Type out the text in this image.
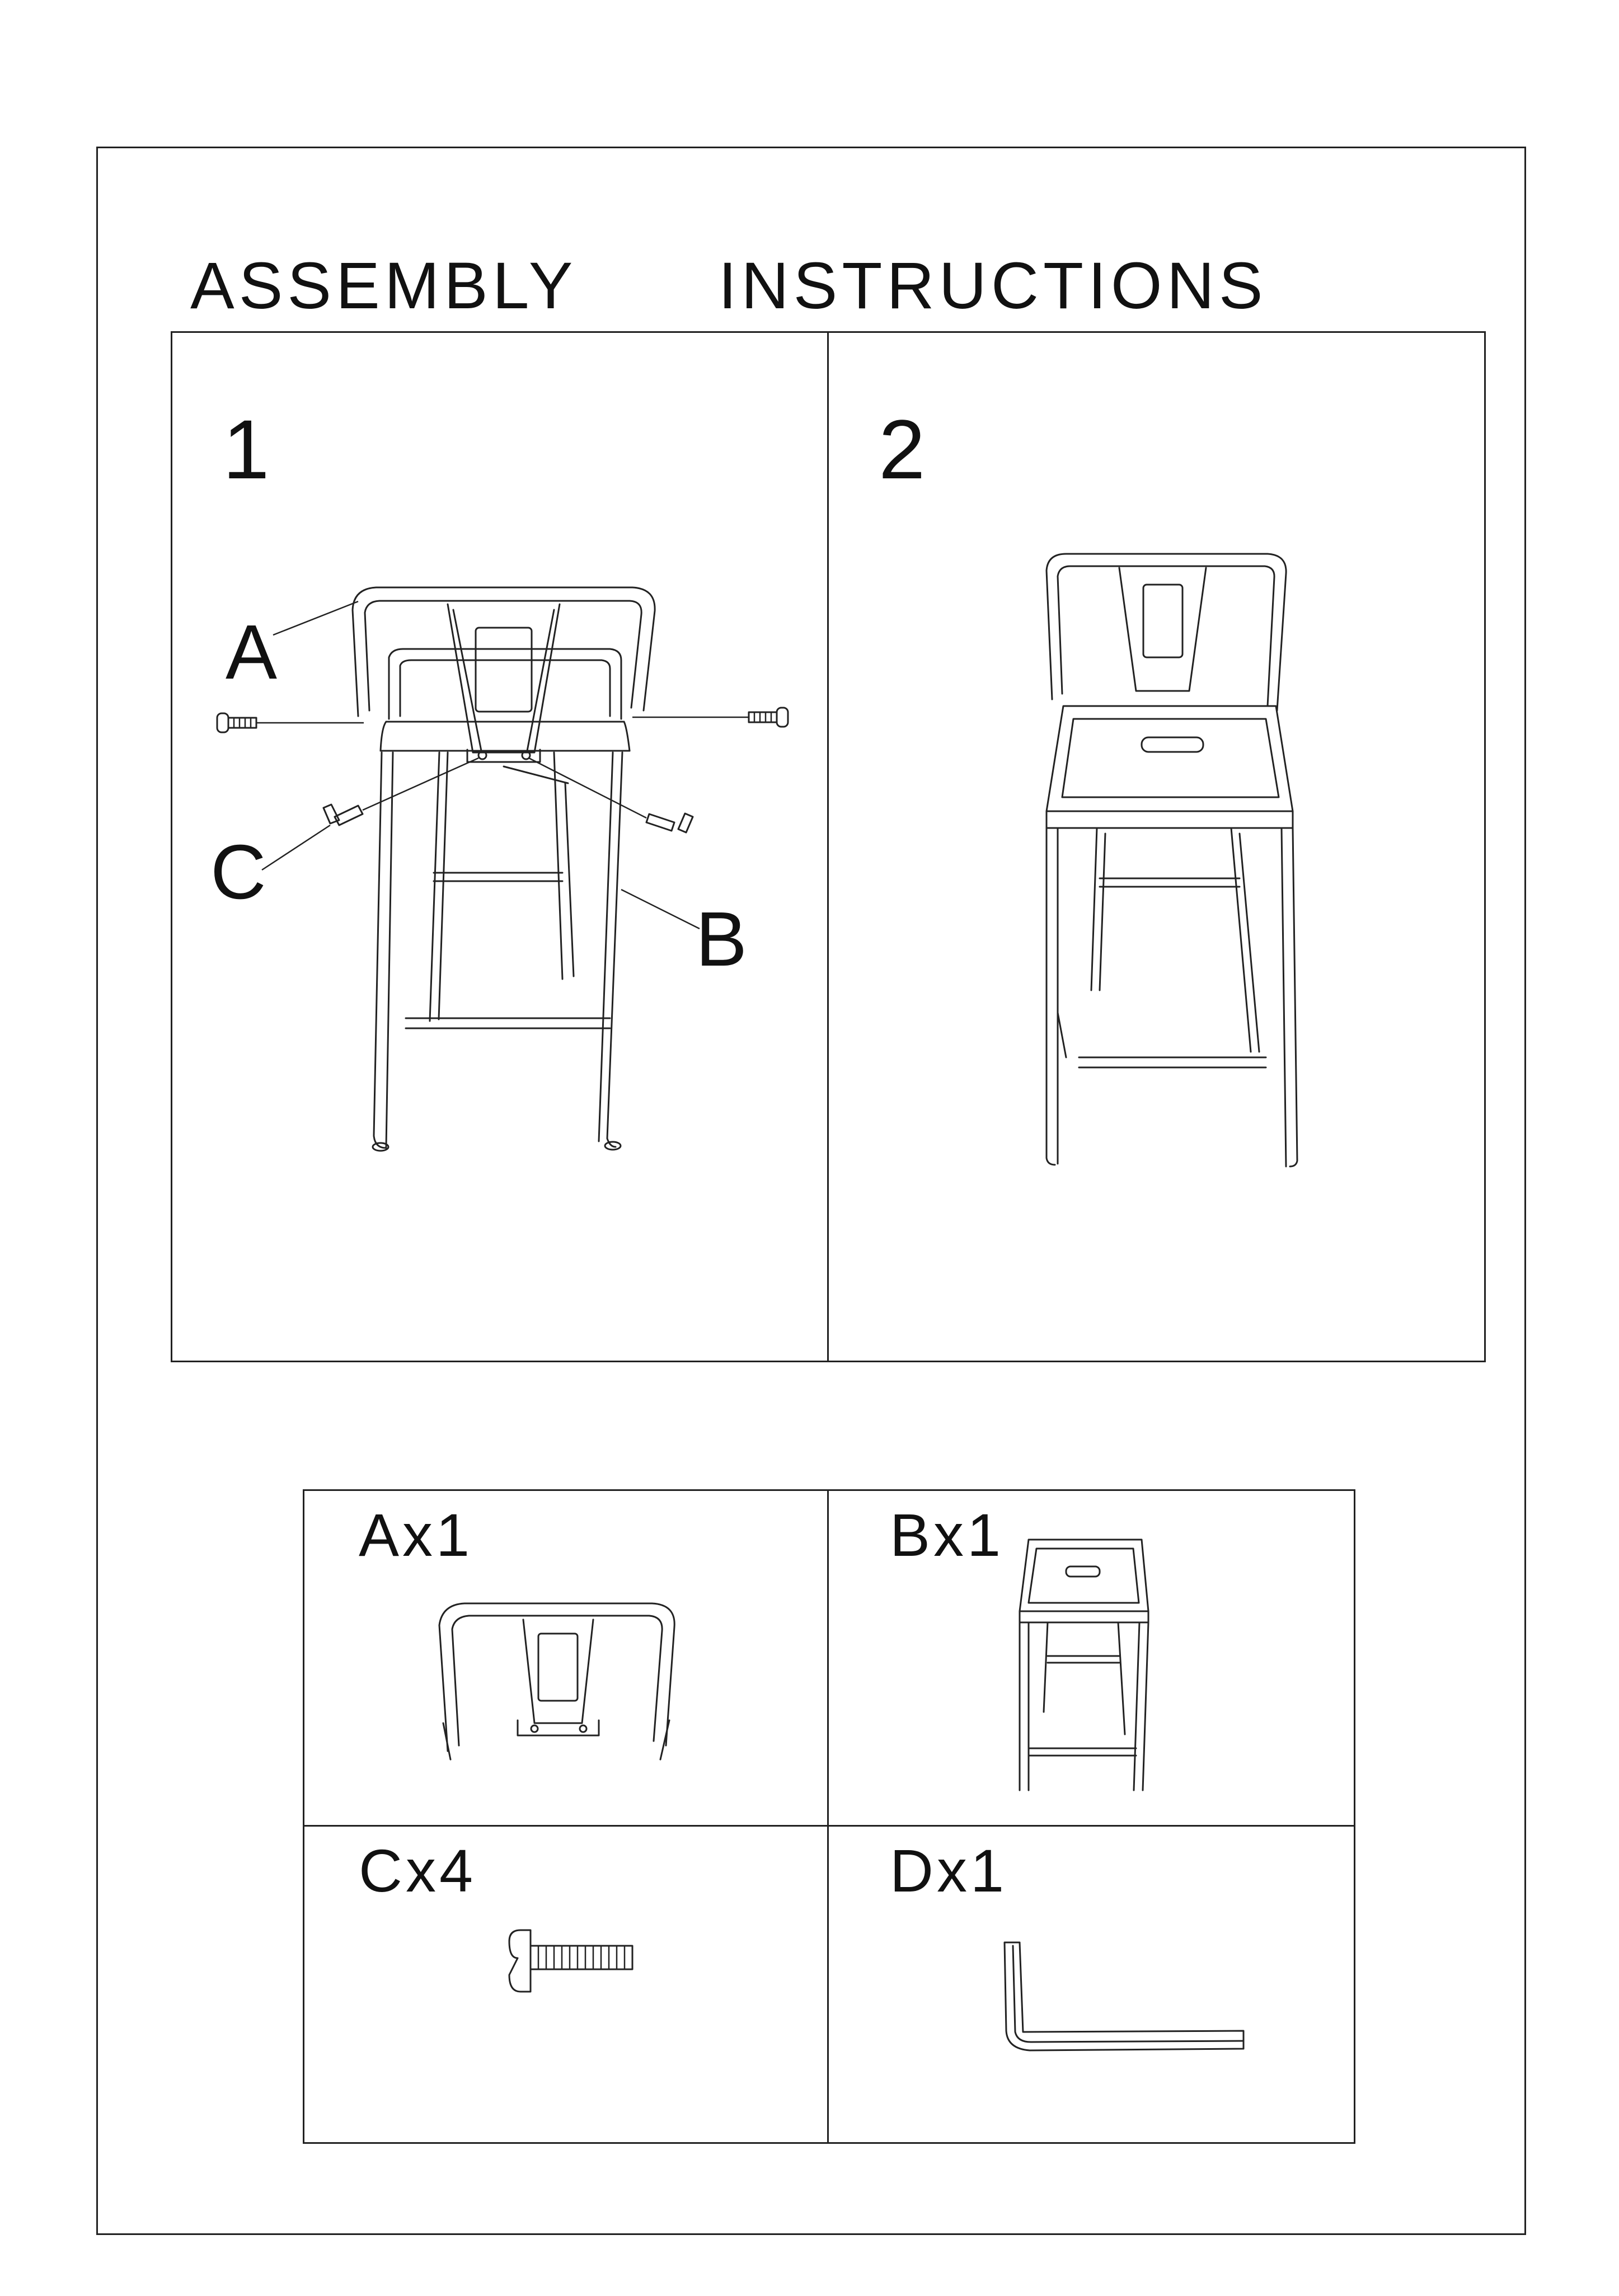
ASSEMBLY   INSTRUCTIONS
1	2
A
C
B
Ax1	Bx1
Cx4	Dx1
